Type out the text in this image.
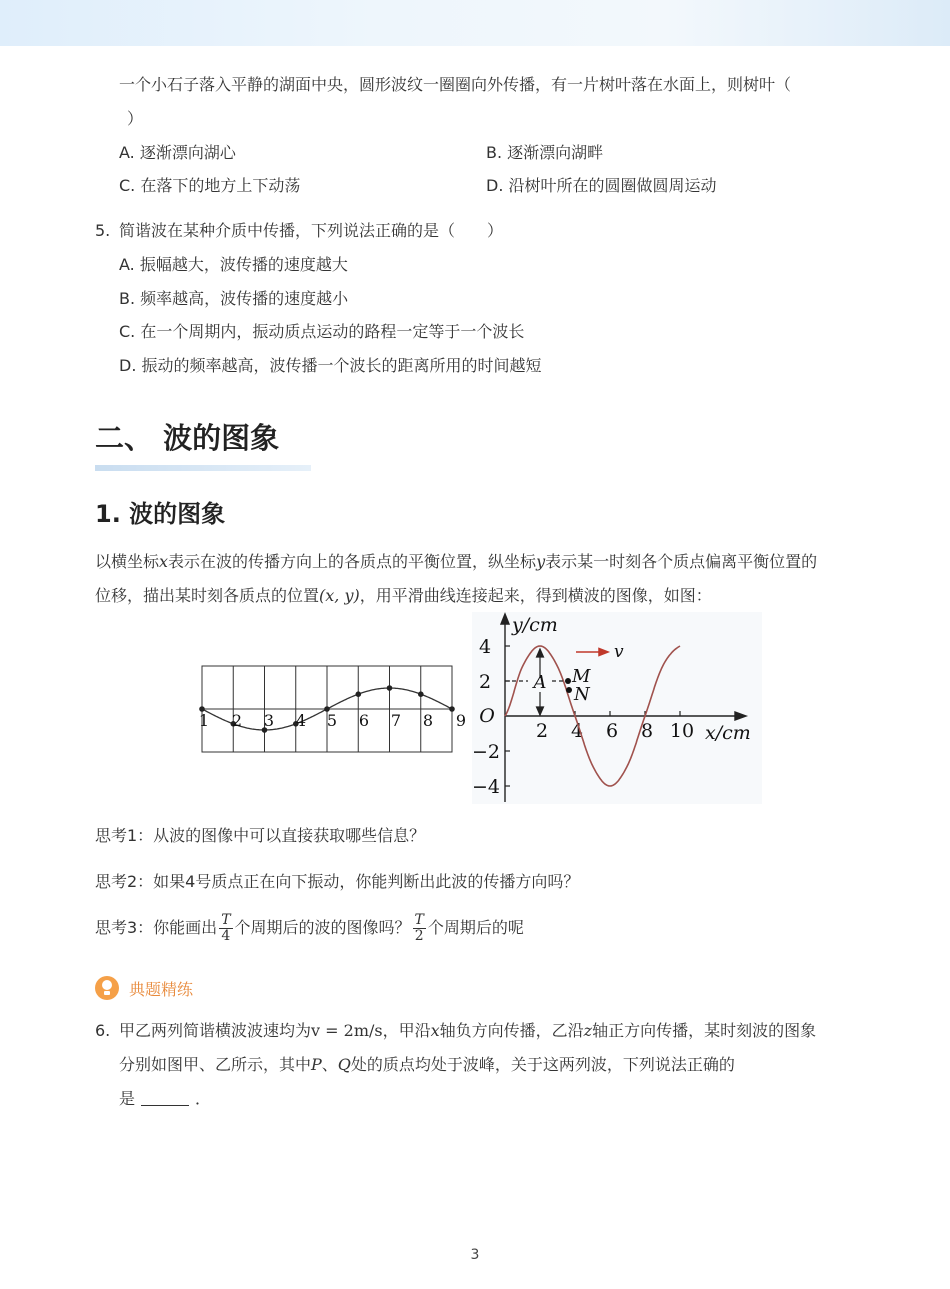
一个小石子落入平静的湖面中央，圆形波纹一圈圈向外传播，有一片树叶落在水面上，则树叶（
）
A. 逐渐漂向湖心	B. 逐渐漂向湖畔
C. 在落下的地方上下动荡	D. 沿树叶所在的圆圈做圆周运动
5. 简谐波在某种介质中传播，下列说法正确的是（　　）
A. 振幅越大，波传播的速度越大
B. 频率越高，波传播的速度越小
C. 在一个周期内，振动质点运动的路程一定等于一个波长
D. 振动的频率越高，波传播一个波长的距离所用的时间越短
二、 波的图象
1. 波的图象
以横坐标x表示在波的传播方向上的各质点的平衡位置，纵坐标y表示某一时刻各个质点偏离平衡位置的
位移，描出某时刻各质点的位置(x, y)，用平滑曲线连接起来，得到横波的图像，如图：
1 2 3 4 5 6 7 8 9
4
2
−2
−4
O
y/cm
x/cm
2 4 6 8 10
A M
N
v
思考1：从波的图像中可以直接获取哪些信息？
思考2：如果4号质点正在向下振动，你能判断出此波的传播方向吗？
思考3：你能画出 $\frac{T}{4}$ 个周期后的波的图像吗？ $\frac{T}{2}$ 个周期后的呢
典题精练
6. 甲乙两列简谐横波波速均为v = 2m/s，甲沿x轴负方向传播，乙沿z轴正方向传播，某时刻波的图象
分别如图甲、乙所示，其中P、Q处的质点均处于波峰，关于这两列波，下列说法正确的
是	．
3
